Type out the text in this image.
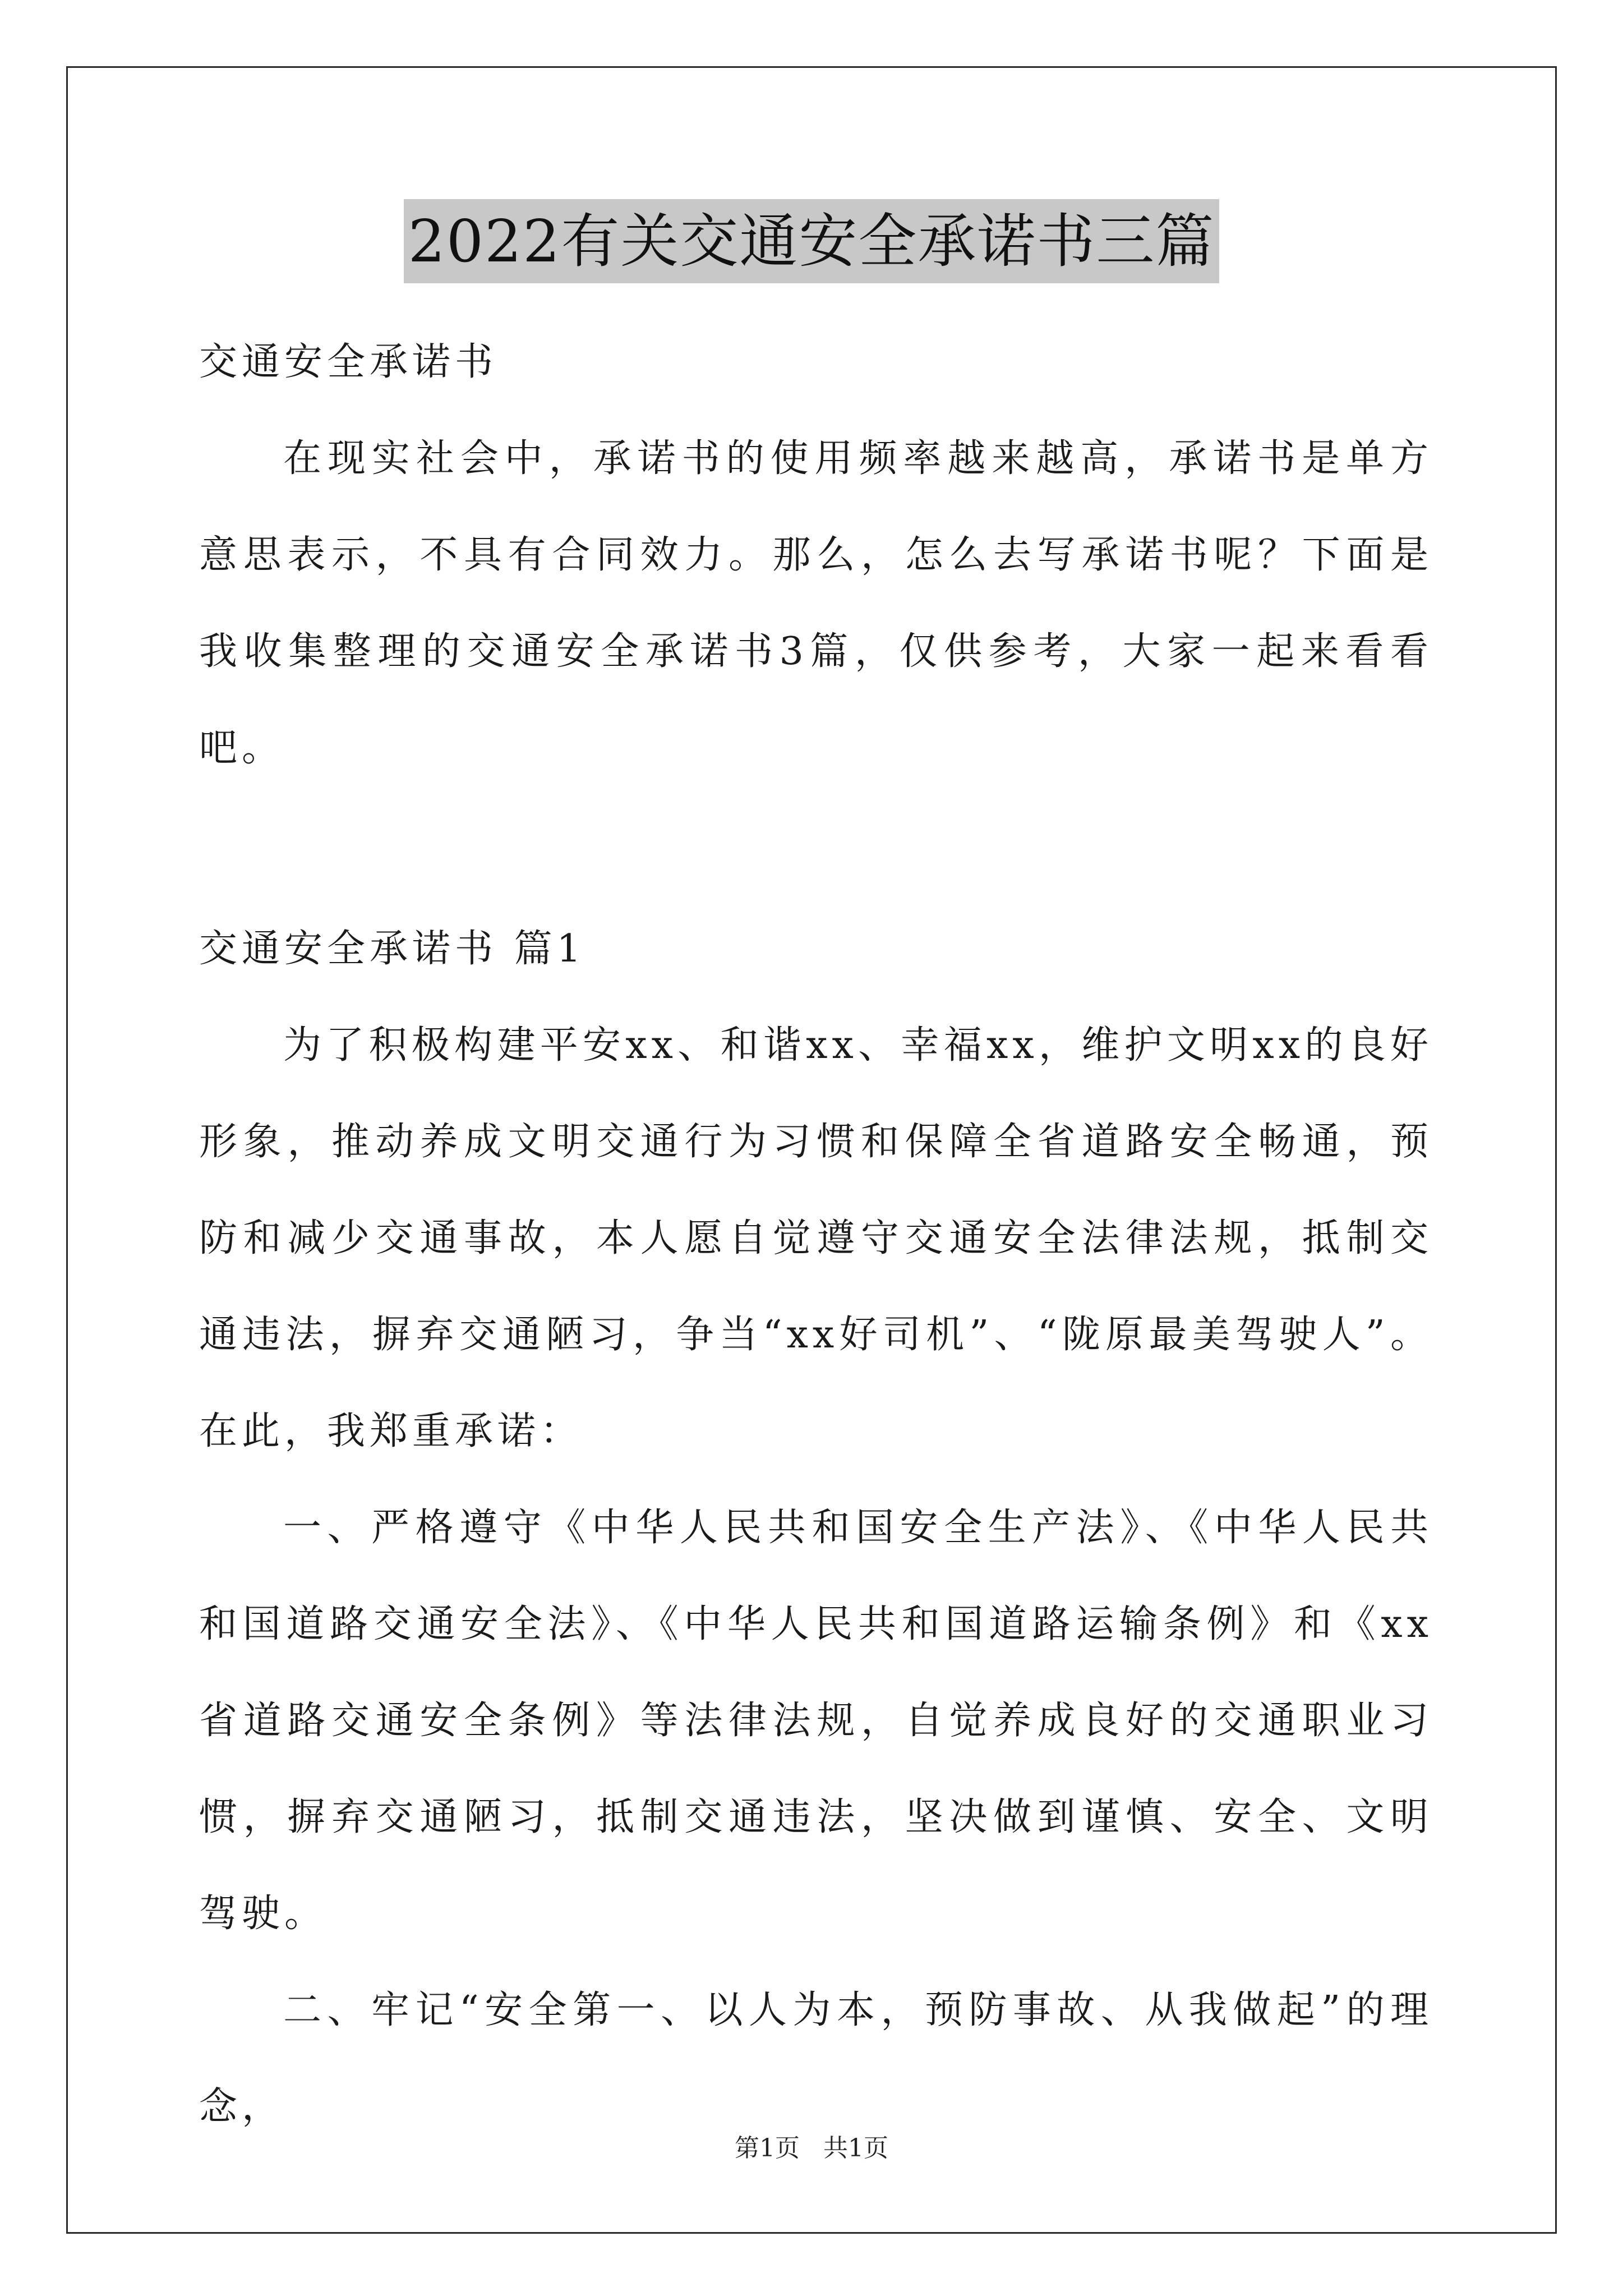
2022有关交通安全承诺书三篇

交通安全承诺书

在现实社会中，承诺书的使用频率越来越高，承诺书是单方意思表示，不具有合同效力。那么，怎么去写承诺书呢？下面是我收集整理的交通安全承诺书3篇，仅供参考，大家一起来看看吧。

交通安全承诺书 篇1

为了积极构建平安xx、和谐xx、幸福xx，维护文明xx的良好形象，推动养成文明交通行为习惯和保障全省道路安全畅通，预防和减少交通事故，本人愿自觉遵守交通安全法律法规，抵制交通违法，摒弃交通陋习，争当“xx好司机”、“陇原最美驾驶人”。在此，我郑重承诺：

一、严格遵守《中华人民共和国安全生产法》、《中华人民共和国道路交通安全法》、《中华人民共和国道路运输条例》和《xx省道路交通安全条例》等法律法规，自觉养成良好的交通职业习惯，摒弃交通陋习，抵制交通违法，坚决做到谨慎、安全、文明驾驶。

二、牢记“安全第一、以人为本，预防事故、从我做起”的理念，

第1页 共1页
